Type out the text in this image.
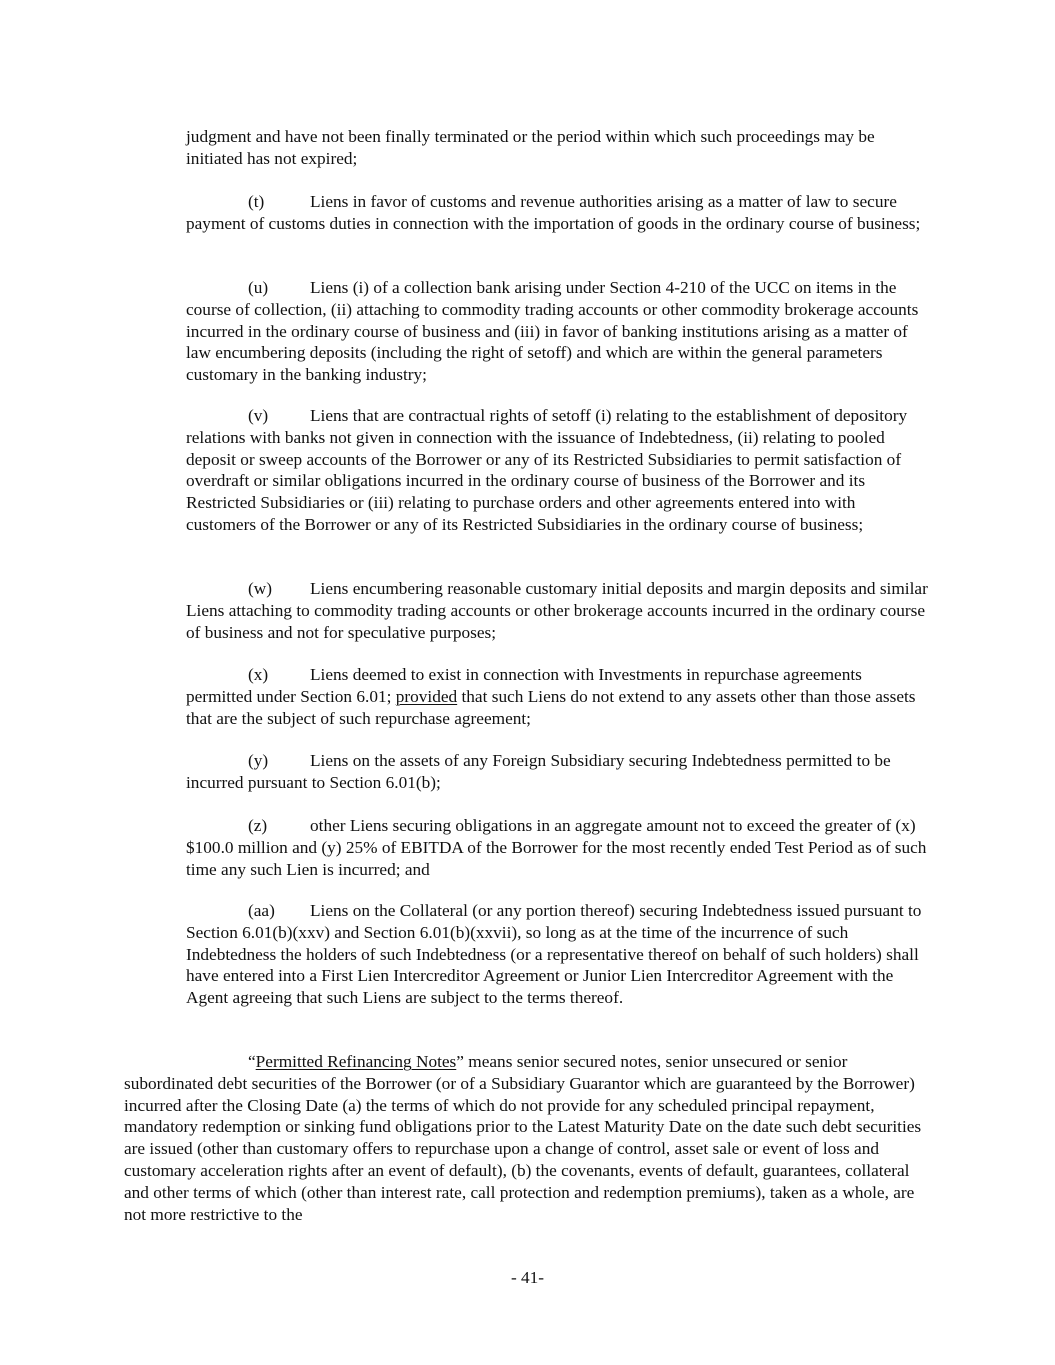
judgment and have not been finally terminated or the period within which such proceedings may be initiated has not expired;

(t)	Liens in favor of customs and revenue authorities arising as a matter of law to secure payment of customs duties in connection with the importation of goods in the ordinary course of business;

(u) Liens (i) of a collection bank arising under Section 4-210 of the UCC on items in the course of collection, (ii) attaching to commodity trading accounts or other commodity brokerage accounts incurred in the ordinary course of business and (iii) in favor of banking institutions arising as a matter of law encumbering deposits (including the right of setoff) and which are within the general parameters customary in the banking industry;

(v) Liens that are contractual rights of setoff (i) relating to the establishment of depository relations with banks not given in connection with the issuance of Indebtedness, (ii) relating to pooled deposit or sweep accounts of the Borrower or any of its Restricted Subsidiaries to permit satisfaction of overdraft or similar obligations incurred in the ordinary course of business of the Borrower and its Restricted Subsidiaries or (iii) relating to purchase orders and other agreements entered into with customers of the Borrower or any of its Restricted Subsidiaries in the ordinary course of business;

(w) Liens encumbering reasonable customary initial deposits and margin deposits and similar Liens attaching to commodity trading accounts or other brokerage accounts incurred in the ordinary course of business and not for speculative purposes;

(x) Liens deemed to exist in connection with Investments in repurchase agreements permitted under Section 6.01; provided that such Liens do not extend to any assets other than those assets that are the subject of such repurchase agreement;

(y) Liens on the assets of any Foreign Subsidiary securing Indebtedness permitted to be incurred pursuant to Section 6.01(b);

(z) other Liens securing obligations in an aggregate amount not to exceed the greater of (x) $100.0 million and (y) 25% of EBITDA of the Borrower for the most recently ended Test Period as of such time any such Lien is incurred; and

(aa) Liens on the Collateral (or any portion thereof) securing Indebtedness issued pursuant to Section 6.01(b)(xxv) and Section 6.01(b)(xxvii), so long as at the time of the incurrence of such Indebtedness the holders of such Indebtedness (or a representative thereof on behalf of such holders) shall have entered into a First Lien Intercreditor Agreement or Junior Lien Intercreditor Agreement with the Agent agreeing that such Liens are subject to the terms thereof.

“Permitted Refinancing Notes” means senior secured notes, senior unsecured or senior subordinated debt securities of the Borrower (or of a Subsidiary Guarantor which are guaranteed by the Borrower) incurred after the Closing Date (a) the terms of which do not provide for any scheduled principal repayment, mandatory redemption or sinking fund obligations prior to the Latest Maturity Date on the date such debt securities are issued (other than customary offers to repurchase upon a change of control, asset sale or event of loss and customary acceleration rights after an event of default), (b) the covenants, events of default, guarantees, collateral and other terms of which (other than interest rate, call protection and redemption premiums), taken as a whole, are not more restrictive to the

- 41-
